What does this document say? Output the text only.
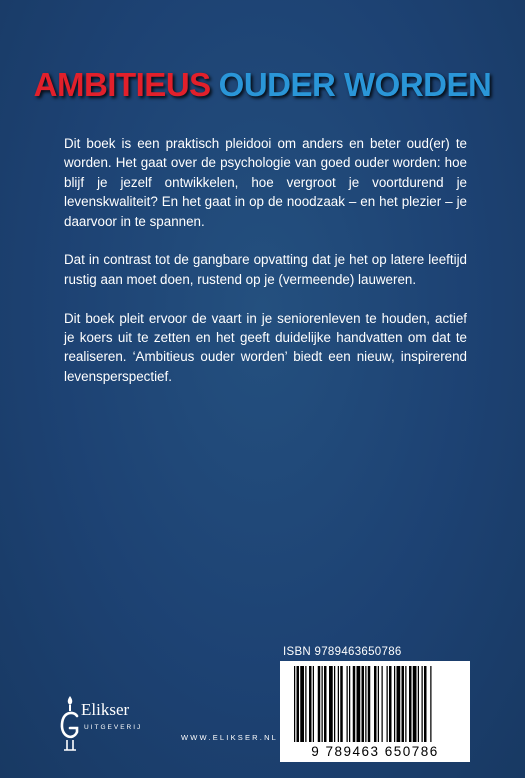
AMBITIEUS OUDER WORDEN

Dit boek is een praktisch pleidooi om anders en beter oud(er) te worden. Het gaat over de psychologie van goed ouder worden: hoe blijf je jezelf ontwikkelen, hoe vergroot je voortdurend je levenskwaliteit? En het gaat in op de noodzaak – en het plezier – je daarvoor in te spannen.

Dat in contrast tot de gangbare opvatting dat je het op latere leeftijd rustig aan moet doen, rustend op je (vermeende) lauweren.

Dit boek pleit ervoor de vaart in je seniorenleven te houden, actief je koers uit te zetten en het geeft duidelijke handvatten om dat te realiseren. ‘Ambitieus ouder worden’ biedt een nieuw, inspirerend levensperspectief.

ISBN 9789463650786
9 789463 650786
Elikser
UITGEVERIJ
WWW.ELIKSER.NL
